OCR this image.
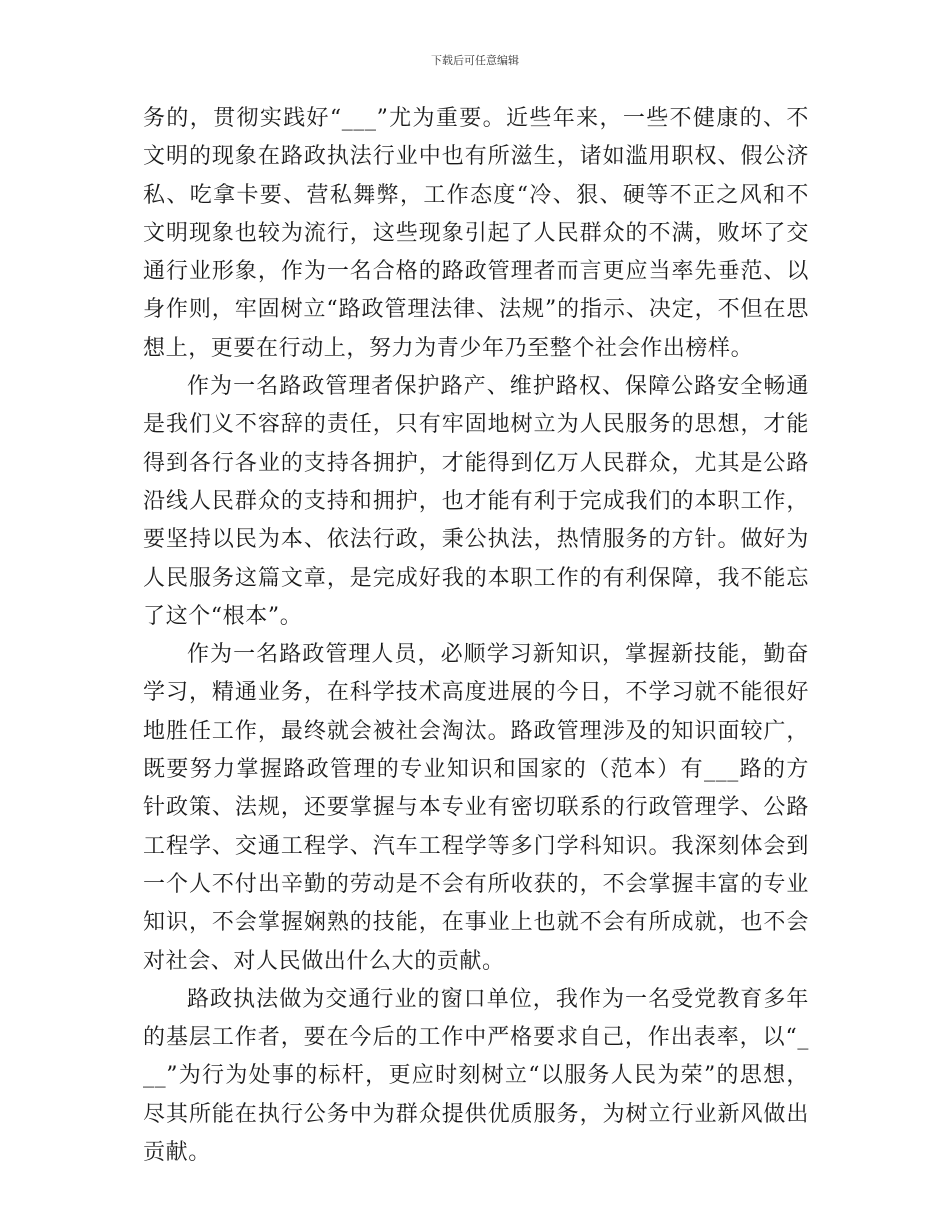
下载后可任意编辑

务的，贯彻实践好“___”尤为重要。近些年来，一些不健康的、不文明的现象在路政执法行业中也有所滋生，诸如滥用职权、假公济私、吃拿卡要、营私舞弊，工作态度“冷、狠、硬等不正之风和不文明现象也较为流行，这些现象引起了人民群众的不满，败坏了交通行业形象，作为一名合格的路政管理者而言更应当率先垂范、以身作则，牢固树立“路政管理法律、法规”的指示、决定，不但在思想上，更要在行动上，努力为青少年乃至整个社会作出榜样。

作为一名路政管理者保护路产、维护路权、保障公路安全畅通是我们义不容辞的责任，只有牢固地树立为人民服务的思想，才能得到各行各业的支持各拥护，才能得到亿万人民群众，尤其是公路沿线人民群众的支持和拥护，也才能有利于完成我们的本职工作，要坚持以民为本、依法行政，秉公执法，热情服务的方针。做好为人民服务这篇文章，是完成好我的本职工作的有利保障，我不能忘了这个“根本”。

作为一名路政管理人员，必顺学习新知识，掌握新技能，勤奋学习，精通业务，在科学技术高度进展的今日，不学习就不能很好地胜任工作，最终就会被社会淘汰。路政管理涉及的知识面较广，既要努力掌握路政管理的专业知识和国家的（范本）有___路的方针政策、法规，还要掌握与本专业有密切联系的行政管理学、公路工程学、交通工程学、汽车工程学等多门学科知识。我深刻体会到一个人不付出辛勤的劳动是不会有所收获的，不会掌握丰富的专业知识，不会掌握娴熟的技能，在事业上也就不会有所成就，也不会对社会、对人民做出什么大的贡献。

路政执法做为交通行业的窗口单位，我作为一名受党教育多年的基层工作者，要在今后的工作中严格要求自己，作出表率，以“___”为行为处事的标杆，更应时刻树立“以服务人民为荣”的思想，尽其所能在执行公务中为群众提供优质服务，为树立行业新风做出贡献。
